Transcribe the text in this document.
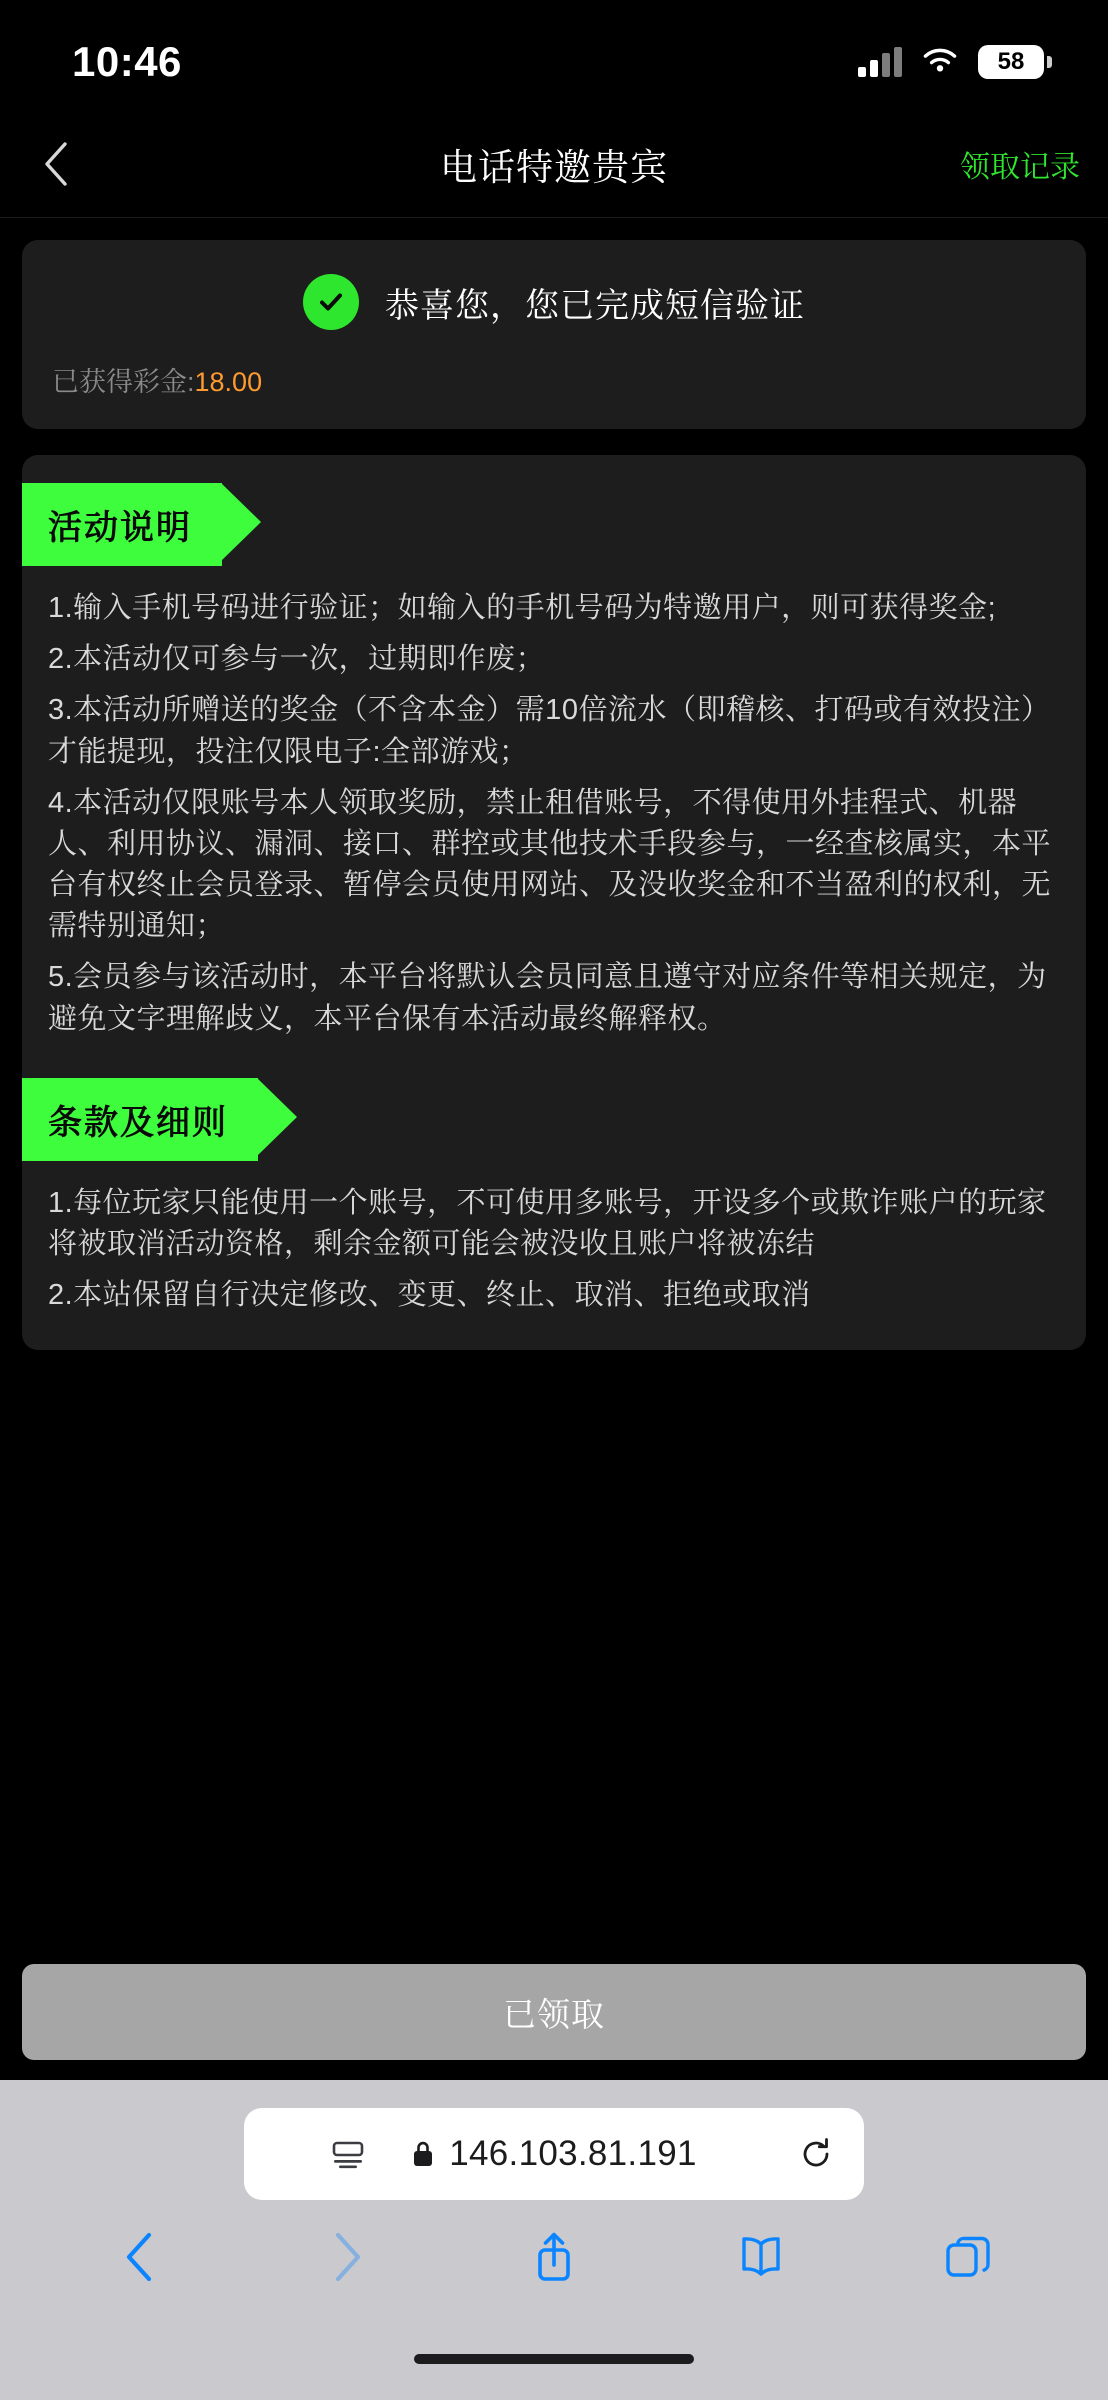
10:46	58
电话特邀贵宾	领取记录
恭喜您，您已完成短信验证
已获得彩金:18.00
活动说明

1.输入手机号码进行验证；如输入的手机号码为特邀用户，则可获得奖金;

2.本活动仅可参与一次，过期即作废；

3.本活动所赠送的奖金（不含本金）需10倍流水（即稽核、打码或有效投注）才能提现，投注仅限电子:全部游戏；

4.本活动仅限账号本人领取奖励，禁止租借账号，不得使用外挂程式、机器人、利用协议、漏洞、接口、群控或其他技术手段参与，一经查核属实，本平台有权终止会员登录、暂停会员使用网站、及没收奖金和不当盈利的权利，无需特别通知；

5.会员参与该活动时，本平台将默认会员同意且遵守对应条件等相关规定，为避免文字理解歧义，本平台保有本活动最终解释权。

条款及细则

1.每位玩家只能使用一个账号，不可使用多账号，开设多个或欺诈账户的玩家将被取消活动资格，剩余金额可能会被没收且账户将被冻结

2.本站保留自行决定修改、变更、终止、取消、拒绝或取消

已领取
146.103.81.191
